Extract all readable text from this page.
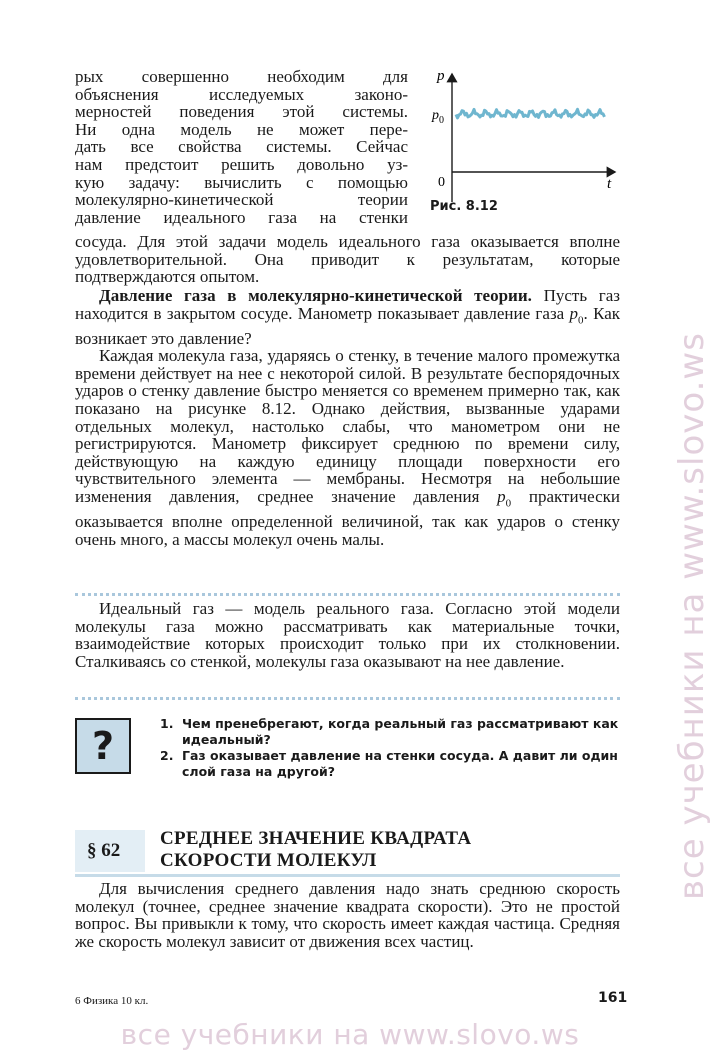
рых совершенно необходим для
объяснения исследуемых законо-
мерностей поведения этой системы.
Ни одна модель не может пере-
дать все свойства системы. Сейчас
нам предстоит решить довольно уз-
кую задачу: вычислить с помощью
молекулярно-кинетической теории
давление идеального газа на стенки
p
t
0
$p_0$
Рис. 8.12
сосуда. Для этой задачи модель идеального газа оказывается вполне удовлетворительной. Она приводит к результатам, которые подтверждаются опытом.
Давление газа в молекулярно-кинетической теории. Пусть газ находится в закрытом сосуде. Манометр показывает давление газа $p_0$. Как возникает это давление?
Каждая молекула газа, ударяясь о стенку, в течение малого промежутка времени действует на нее с некоторой силой. В результате беспорядочных ударов о стенку давление быстро меняется со временем примерно так, как показано на рисунке 8.12. Однако действия, вызванные ударами отдельных молекул, настолько слабы, что манометром они не регистрируются. Манометр фиксирует среднюю по времени силу, действующую на каждую единицу площади поверхности его чувствительного элемента — мембраны. Несмотря на небольшие изменения давления, среднее значение давления $p_0$ практически оказывается вполне определенной величиной, так как ударов о стенку очень много, а массы молекул очень малы.
Идеальный газ — модель реального газа. Согласно этой модели молекулы газа можно рассматривать как материальные точки, взаимодействие которых происходит только при их столкновении. Сталкиваясь со стенкой, молекулы газа оказывают на нее давление.
?
1. Чем пренебрегают, когда реальный газ рассматривают как идеальный?
2. Газ оказывает давление на стенки сосуда. А давит ли один слой газа на другой?
§ 62
СРЕДНЕЕ ЗНАЧЕНИЕ КВАДРАТА
СКОРОСТИ МОЛЕКУЛ
Для вычисления среднего давления надо знать среднюю скорость молекул (точнее, среднее значение квадрата скорости). Это не простой вопрос. Вы привыкли к тому, что скорость имеет каждая частица. Средняя же скорость молекул зависит от движения всех частиц.
6 Физика 10 кл.	161
все учебники на www.slovo.ws
все учебники на www.slovo.ws
